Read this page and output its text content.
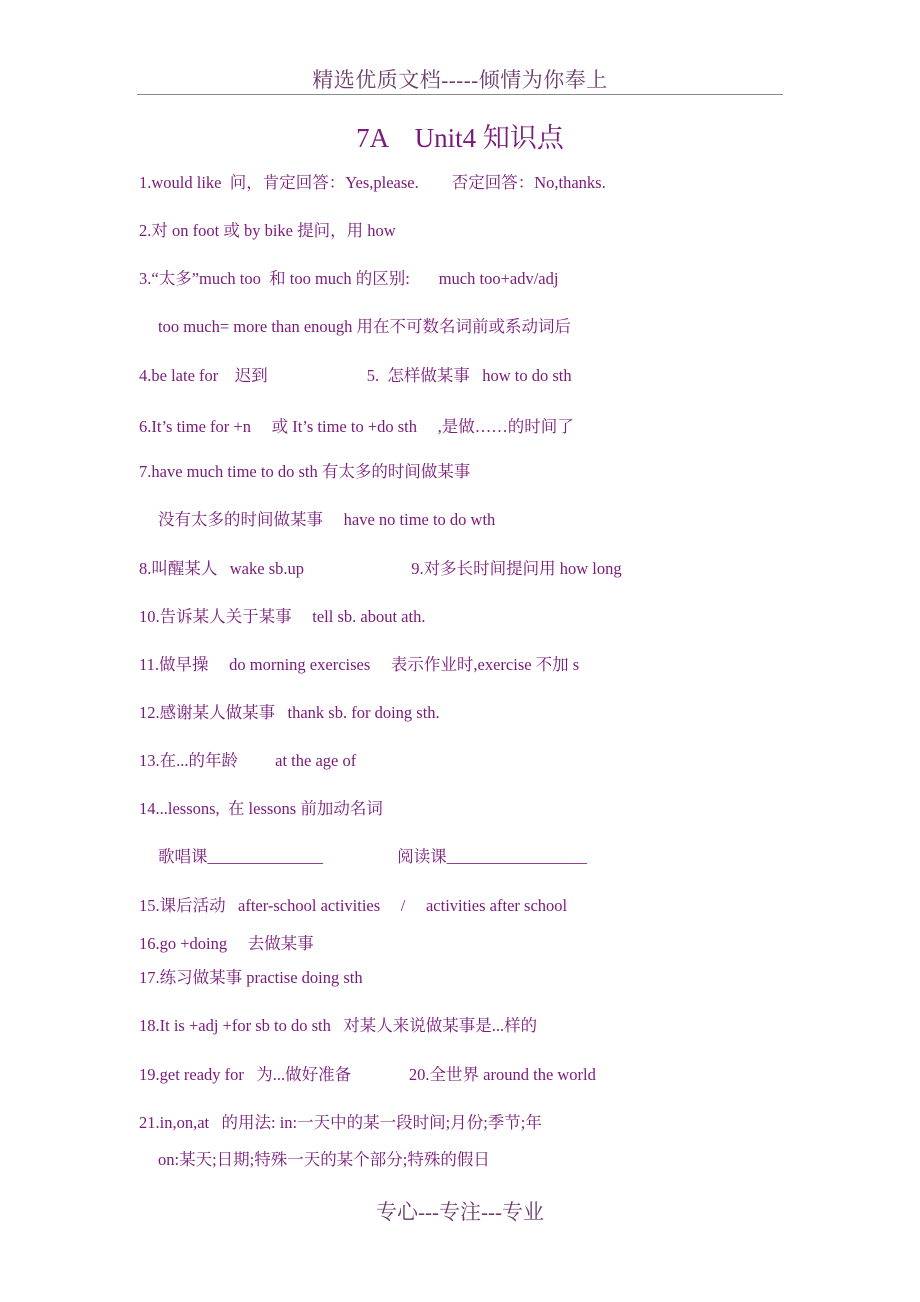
精选优质文档-----倾情为你奉上
7A　Unit4 知识点
1.would like  问，肯定回答：Yes,please.        否定回答：No,thanks.
2.对 on foot 或 by bike 提问，用 how
3.“太多”much too  和 too much 的区别:       much too+adv/adj
too much= more than enough 用在不可数名词前或系动词后
4.be late for    迟到                        5.  怎样做某事   how to do sth
6.It’s time for +n     或 It’s time to +do sth     ,是做……的时间了
7.have much time to do sth 有太多的时间做某事
没有太多的时间做某事     have no time to do wth
8.叫醒某人   wake sb.up                          9.对多长时间提问用 how long
10.告诉某人关于某事     tell sb. about ath.
11.做早操     do morning exercises     表示作业时,exercise 不加 s
12.感谢某人做某事   thank sb. for doing sth.
13.在...的年龄         at the age of
14...lessons,  在 lessons 前加动名词
歌唱课______________                  阅读课_________________
15.课后活动   after-school activities     /     activities after school
16.go +doing     去做某事
17.练习做某事 practise doing sth
18.It is +adj +for sb to do sth   对某人来说做某事是...样的
19.get ready for   为...做好准备              20.全世界 around the world
21.in,on,at   的用法: in:一天中的某一段时间;月份;季节;年
on:某天;日期;特殊一天的某个部分;特殊的假日
专心---专注---专业
